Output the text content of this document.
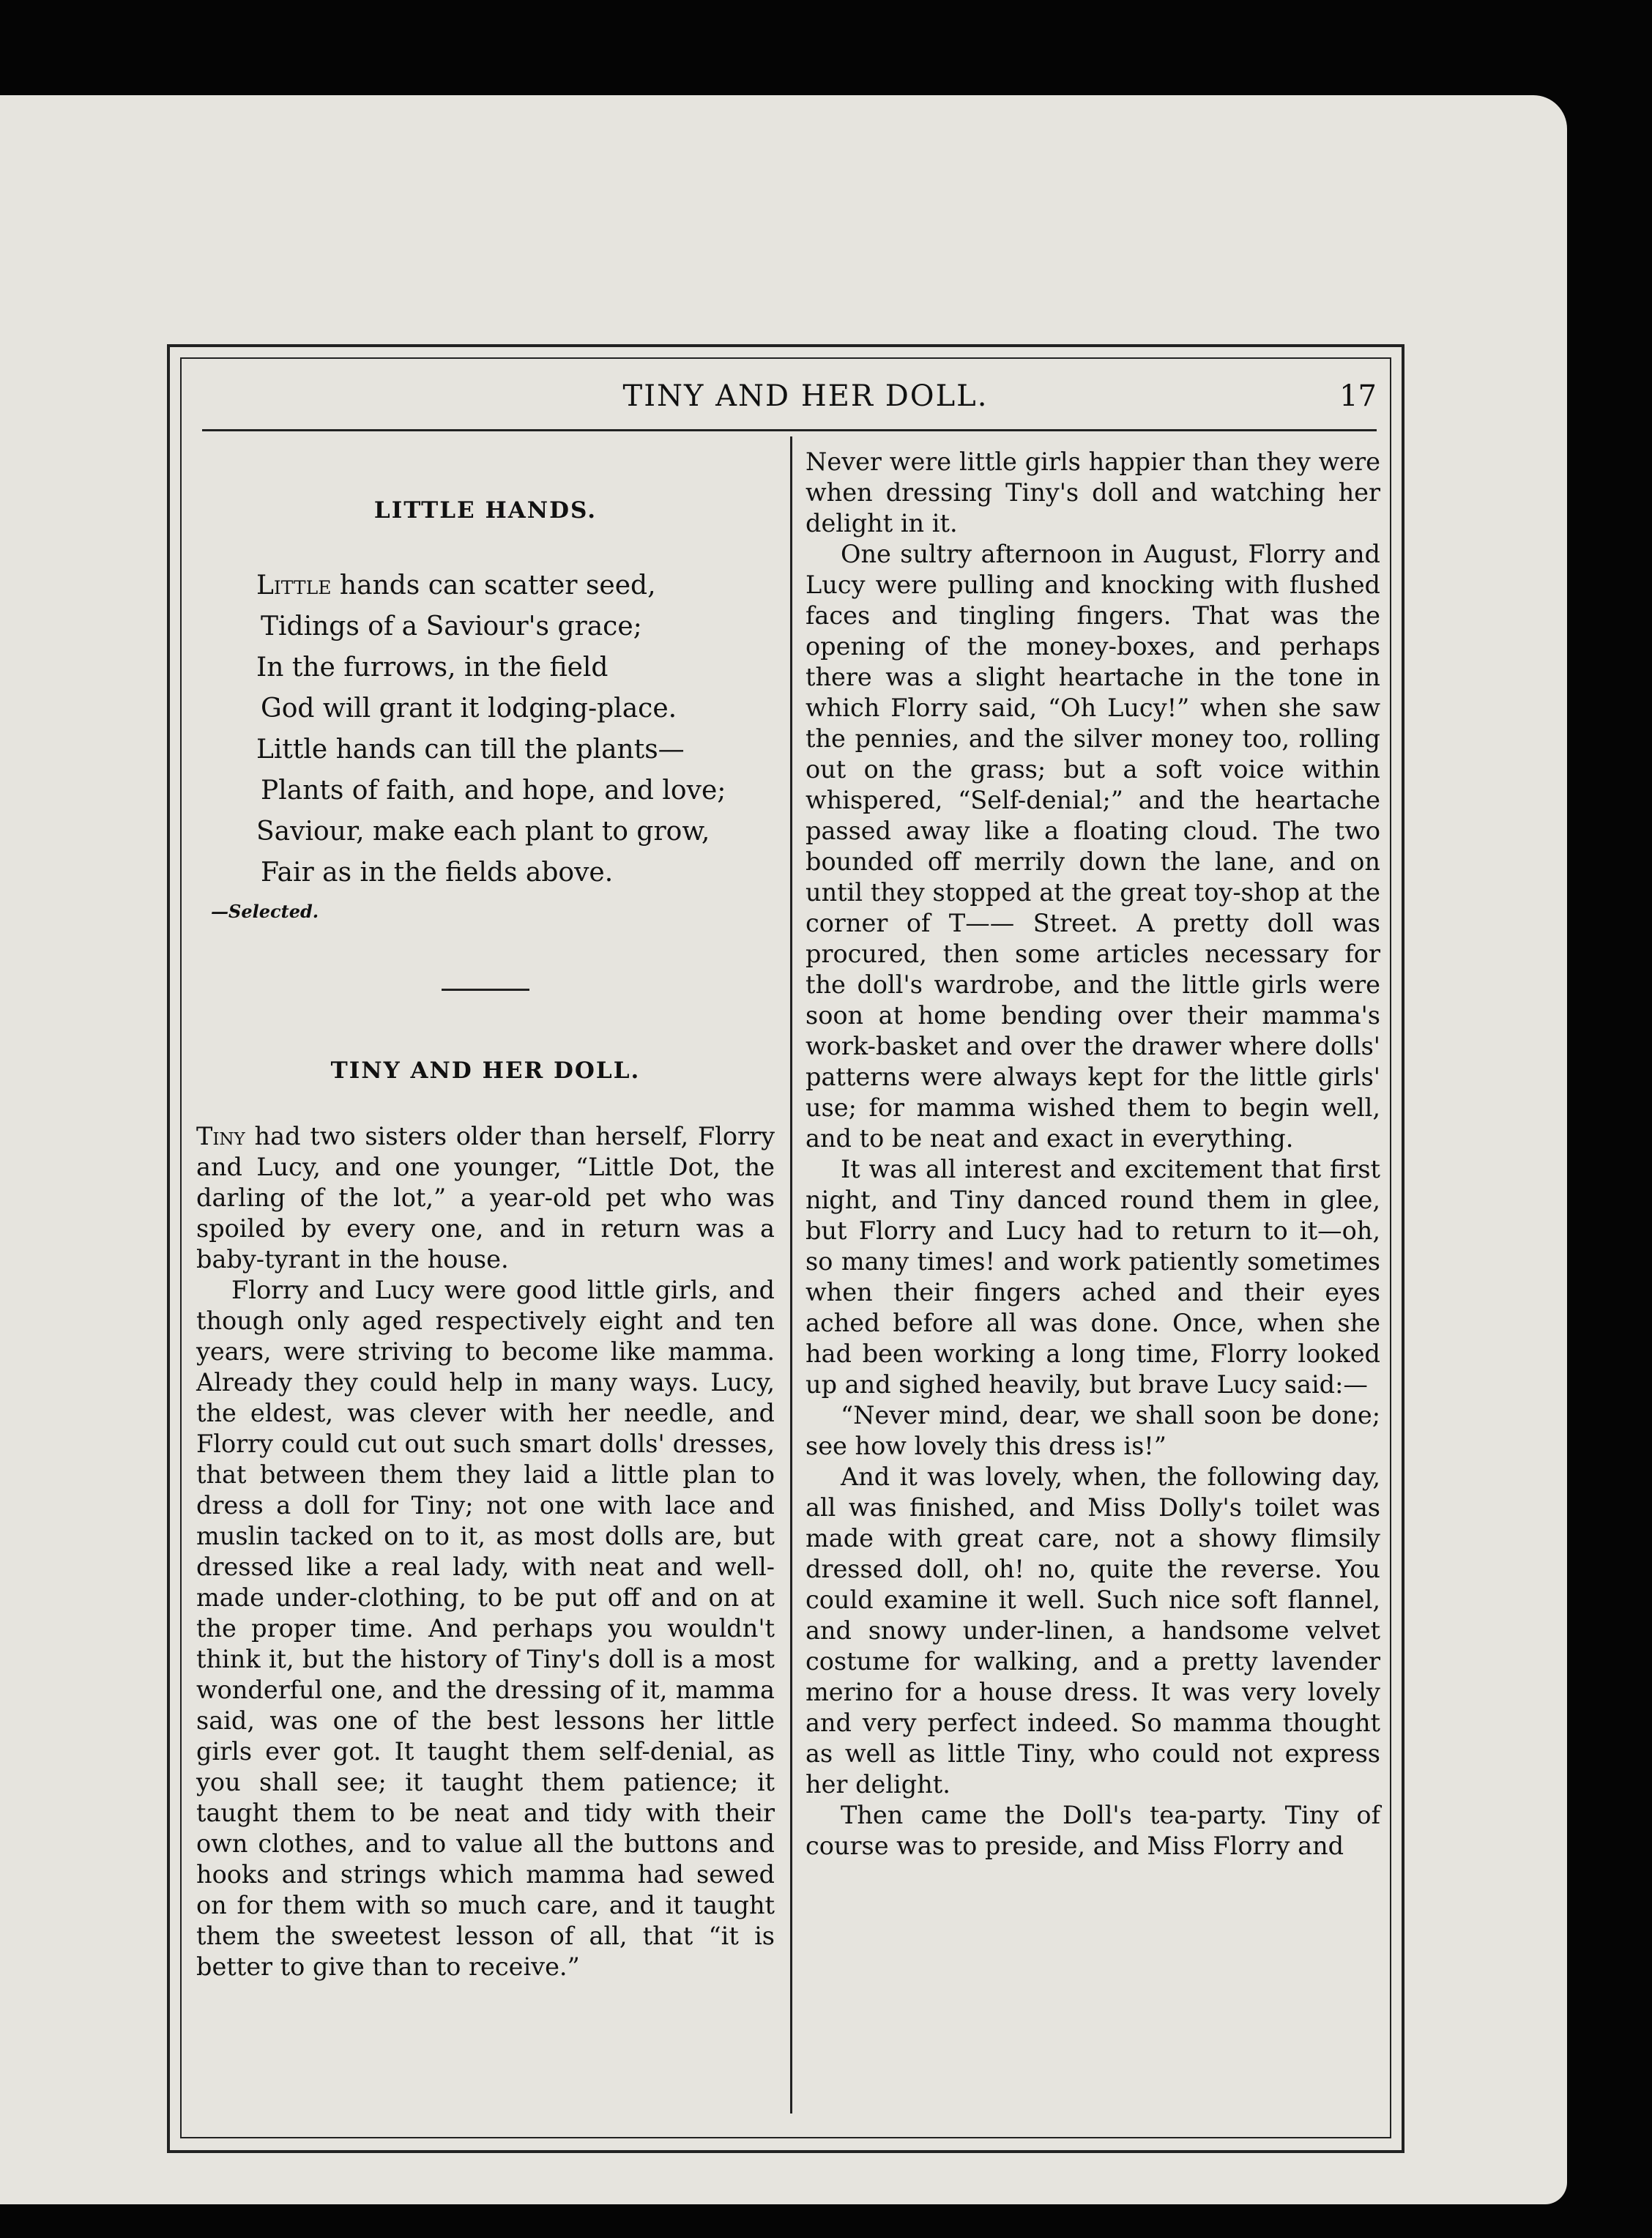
TINY AND HER DOLL.	17
LITTLE HANDS.
Little hands can scatter seed,
Tidings of a Saviour's grace;
In the furrows, in the field
God will grant it lodging-place.
Little hands can till the plants—
Plants of faith, and hope, and love;
Saviour, make each plant to grow,
Fair as in the fields above.
—Selected.
TINY AND HER DOLL.

Tiny had two sisters older than herself, Florry and Lucy, and one younger, “Little Dot, the darling of the lot,” a year-old pet who was spoiled by every one, and in return was a baby-tyrant in the house.

Florry and Lucy were good little girls, and though only aged respectively eight and ten years, were striving to become like mamma. Already they could help in many ways. Lucy, the eldest, was clever with her needle, and Florry could cut out such smart dolls' dresses, that between them they laid a little plan to dress a doll for Tiny; not one with lace and muslin tacked on to it, as most dolls are, but dressed like a real lady, with neat and well-made under-clothing, to be put off and on at the proper time. And perhaps you wouldn't think it, but the history of Tiny's doll is a most wonderful one, and the dressing of it, mamma said, was one of the best lessons her little girls ever got. It taught them self-denial, as you shall see; it taught them patience; it taught them to be neat and tidy with their own clothes, and to value all the buttons and hooks and strings which mamma had sewed on for them with so much care, and it taught them the sweetest lesson of all, that “it is better to give than to receive.”

Never were little girls happier than they were when dressing Tiny's doll and watching her delight in it.

One sultry afternoon in August, Florry and Lucy were pulling and knocking with flushed faces and tingling fingers. That was the opening of the money-boxes, and perhaps there was a slight heartache in the tone in which Florry said, “Oh Lucy!” when she saw the pennies, and the silver money too, rolling out on the grass; but a soft voice within whispered, “Self-denial;” and the heartache passed away like a floating cloud. The two bounded off merrily down the lane, and on until they stopped at the great toy-shop at the corner of T—— Street. A pretty doll was procured, then some articles necessary for the doll's wardrobe, and the little girls were soon at home bending over their mamma's work-basket and over the drawer where dolls' patterns were always kept for the little girls' use; for mamma wished them to begin well, and to be neat and exact in everything.

It was all interest and excitement that first night, and Tiny danced round them in glee, but Florry and Lucy had to return to it—oh, so many times! and work patiently sometimes when their fingers ached and their eyes ached before all was done. Once, when she had been working a long time, Florry looked up and sighed heavily, but brave Lucy said:—

“Never mind, dear, we shall soon be done; see how lovely this dress is!”

And it was lovely, when, the following day, all was finished, and Miss Dolly's toilet was made with great care, not a showy flimsily dressed doll, oh! no, quite the reverse. You could examine it well. Such nice soft flannel, and snowy under-linen, a handsome velvet costume for walking, and a pretty lavender merino for a house dress. It was very lovely and very perfect indeed. So mamma thought as well as little Tiny, who could not express her delight.

Then came the Doll's tea-party. Tiny of course was to preside, and Miss Florry and
